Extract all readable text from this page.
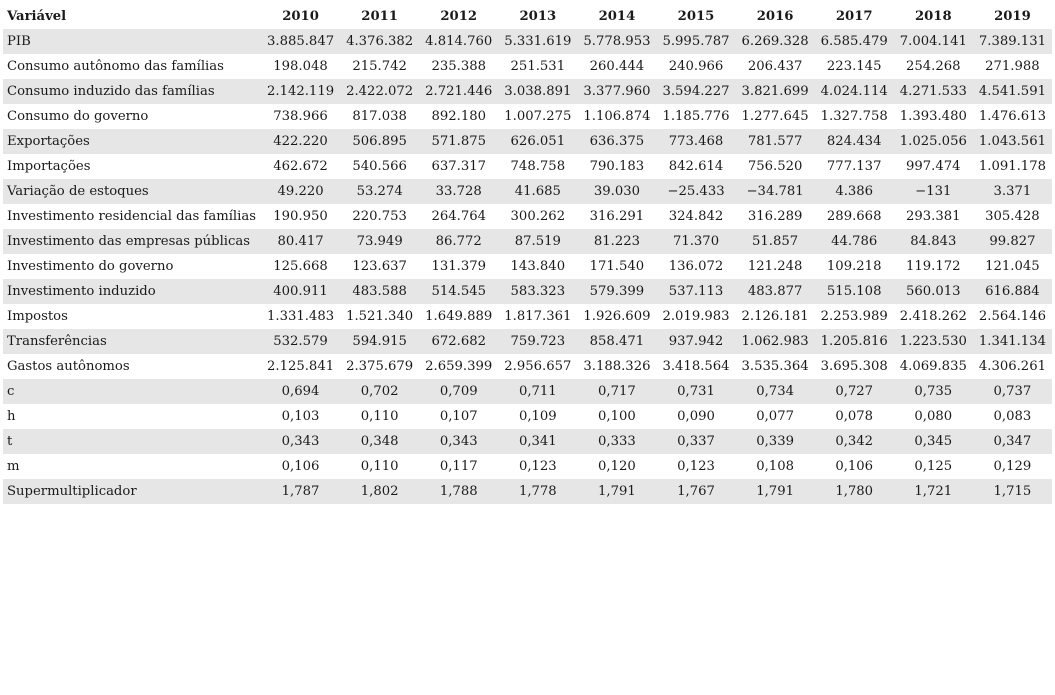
Variável	2010	2011	2012	2013	2014	2015	2016	2017	2018	2019
PIB	3.885.847	4.376.382	4.814.760	5.331.619	5.778.953	5.995.787	6.269.328	6.585.479	7.004.141	7.389.131
Consumo autônomo das famílias	198.048	215.742	235.388	251.531	260.444	240.966	206.437	223.145	254.268	271.988
Consumo induzido das famílias	2.142.119	2.422.072	2.721.446	3.038.891	3.377.960	3.594.227	3.821.699	4.024.114	4.271.533	4.541.591
Consumo do governo	738.966	817.038	892.180	1.007.275	1.106.874	1.185.776	1.277.645	1.327.758	1.393.480	1.476.613
Exportações	422.220	506.895	571.875	626.051	636.375	773.468	781.577	824.434	1.025.056	1.043.561
Importações	462.672	540.566	637.317	748.758	790.183	842.614	756.520	777.137	997.474	1.091.178
Variação de estoques	49.220	53.274	33.728	41.685	39.030	−25.433	−34.781	4.386	−131	3.371
Investimento residencial das famílias	190.950	220.753	264.764	300.262	316.291	324.842	316.289	289.668	293.381	305.428
Investimento das empresas públicas	80.417	73.949	86.772	87.519	81.223	71.370	51.857	44.786	84.843	99.827
Investimento do governo	125.668	123.637	131.379	143.840	171.540	136.072	121.248	109.218	119.172	121.045
Investimento induzido	400.911	483.588	514.545	583.323	579.399	537.113	483.877	515.108	560.013	616.884
Impostos	1.331.483	1.521.340	1.649.889	1.817.361	1.926.609	2.019.983	2.126.181	2.253.989	2.418.262	2.564.146
Transferências	532.579	594.915	672.682	759.723	858.471	937.942	1.062.983	1.205.816	1.223.530	1.341.134
Gastos autônomos	2.125.841	2.375.679	2.659.399	2.956.657	3.188.326	3.418.564	3.535.364	3.695.308	4.069.835	4.306.261
c	0,694	0,702	0,709	0,711	0,717	0,731	0,734	0,727	0,735	0,737
h	0,103	0,110	0,107	0,109	0,100	0,090	0,077	0,078	0,080	0,083
t	0,343	0,348	0,343	0,341	0,333	0,337	0,339	0,342	0,345	0,347
m	0,106	0,110	0,117	0,123	0,120	0,123	0,108	0,106	0,125	0,129
Supermultiplicador	1,787	1,802	1,788	1,778	1,791	1,767	1,791	1,780	1,721	1,715
